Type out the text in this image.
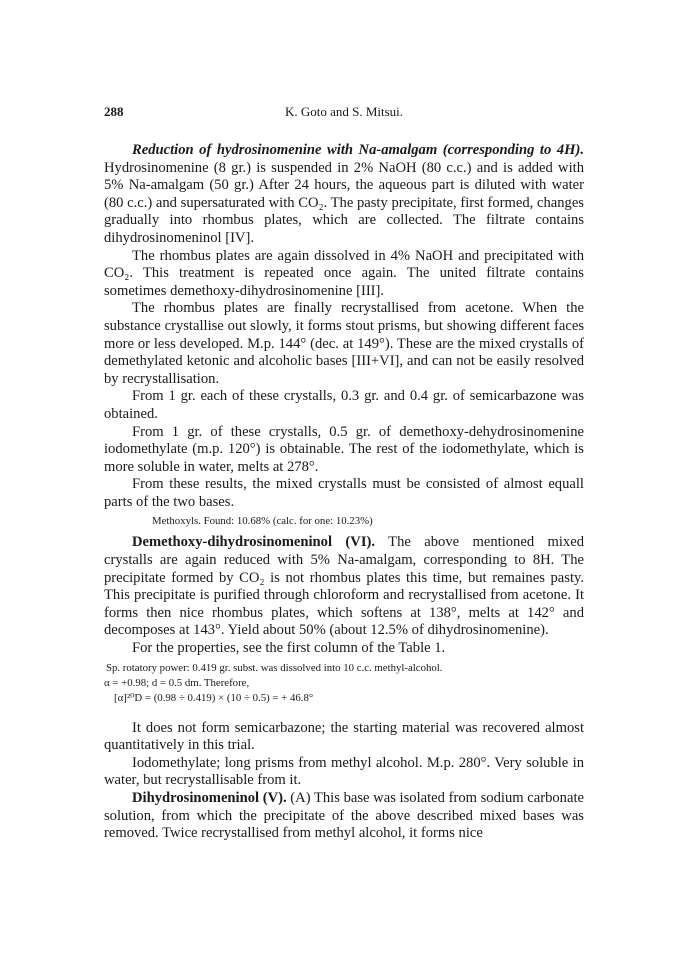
288	K. Goto and S. Mitsui.

Reduction of hydrosinomenine with Na-amalgam (corresponding to 4H). Hydrosinomenine (8 gr.) is suspended in 2% NaOH (80 c.c.) and is added with 5% Na-amalgam (50 gr.) After 24 hours, the aqueous part is diluted with water (80 c.c.) and supersaturated with CO₂. The pasty precipitate, first formed, changes gradually into rhombus plates, which are collected. The filtrate contains dihydrosinomeninol [IV].

The rhombus plates are again dissolved in 4% NaOH and precipitated with CO₂. This treatment is repeated once again. The united filtrate contains sometimes demethoxy-dihydrosinomenine [III].

The rhombus plates are finally recrystallised from acetone. When the substance crystallise out slowly, it forms stout prisms, but showing different faces more or less developed. M.p. 144° (dec. at 149°). These are the mixed crystalls of demethylated ketonic and alcoholic bases [III+VI], and can not be easily resolved by recrystallisation.

From 1 gr. each of these crystalls, 0.3 gr. and 0.4 gr. of semicarbazone was obtained.

From 1 gr. of these crystalls, 0.5 gr. of demethoxy-dehydrosinomenine iodomethylate (m.p. 120°) is obtainable. The rest of the iodomethylate, which is more soluble in water, melts at 278°.

From these results, the mixed crystalls must be consisted of almost equall parts of the two bases.

Methoxyls. Found: 10.68% (calc. for one: 10.23%)

Demethoxy-dihydrosinomeninol (VI). The above mentioned mixed crystalls are again reduced with 5% Na-amalgam, corresponding to 8H. The precipitate formed by CO₂ is not rhombus plates this time, but remaines pasty. This precipitate is purified through chloroform and recrystallised from acetone. It forms then nice rhombus plates, which softens at 138°, melts at 142° and decomposes at 143°. Yield about 50% (about 12.5% of dihydrosinomenine).

For the properties, see the first column of the Table 1.

Sp. rotatory power: 0.419 gr. subst. was dissolved into 10 c.c. methyl-alcohol.
α = +0.98; d = 0.5 dm. Therefore,
[α]²⁰D = (0.98 ÷ 0.419) × (10 ÷ 0.5) = + 46.8°

It does not form semicarbazone; the starting material was recovered almost quantitatively in this trial.

Iodomethylate; long prisms from methyl alcohol. M.p. 280°. Very soluble in water, but recrystallisable from it.

Dihydrosinomeninol (V). (A) This base was isolated from sodium carbonate solution, from which the precipitate of the above described mixed bases was removed. Twice recrystallised from methyl alcohol, it forms nice
